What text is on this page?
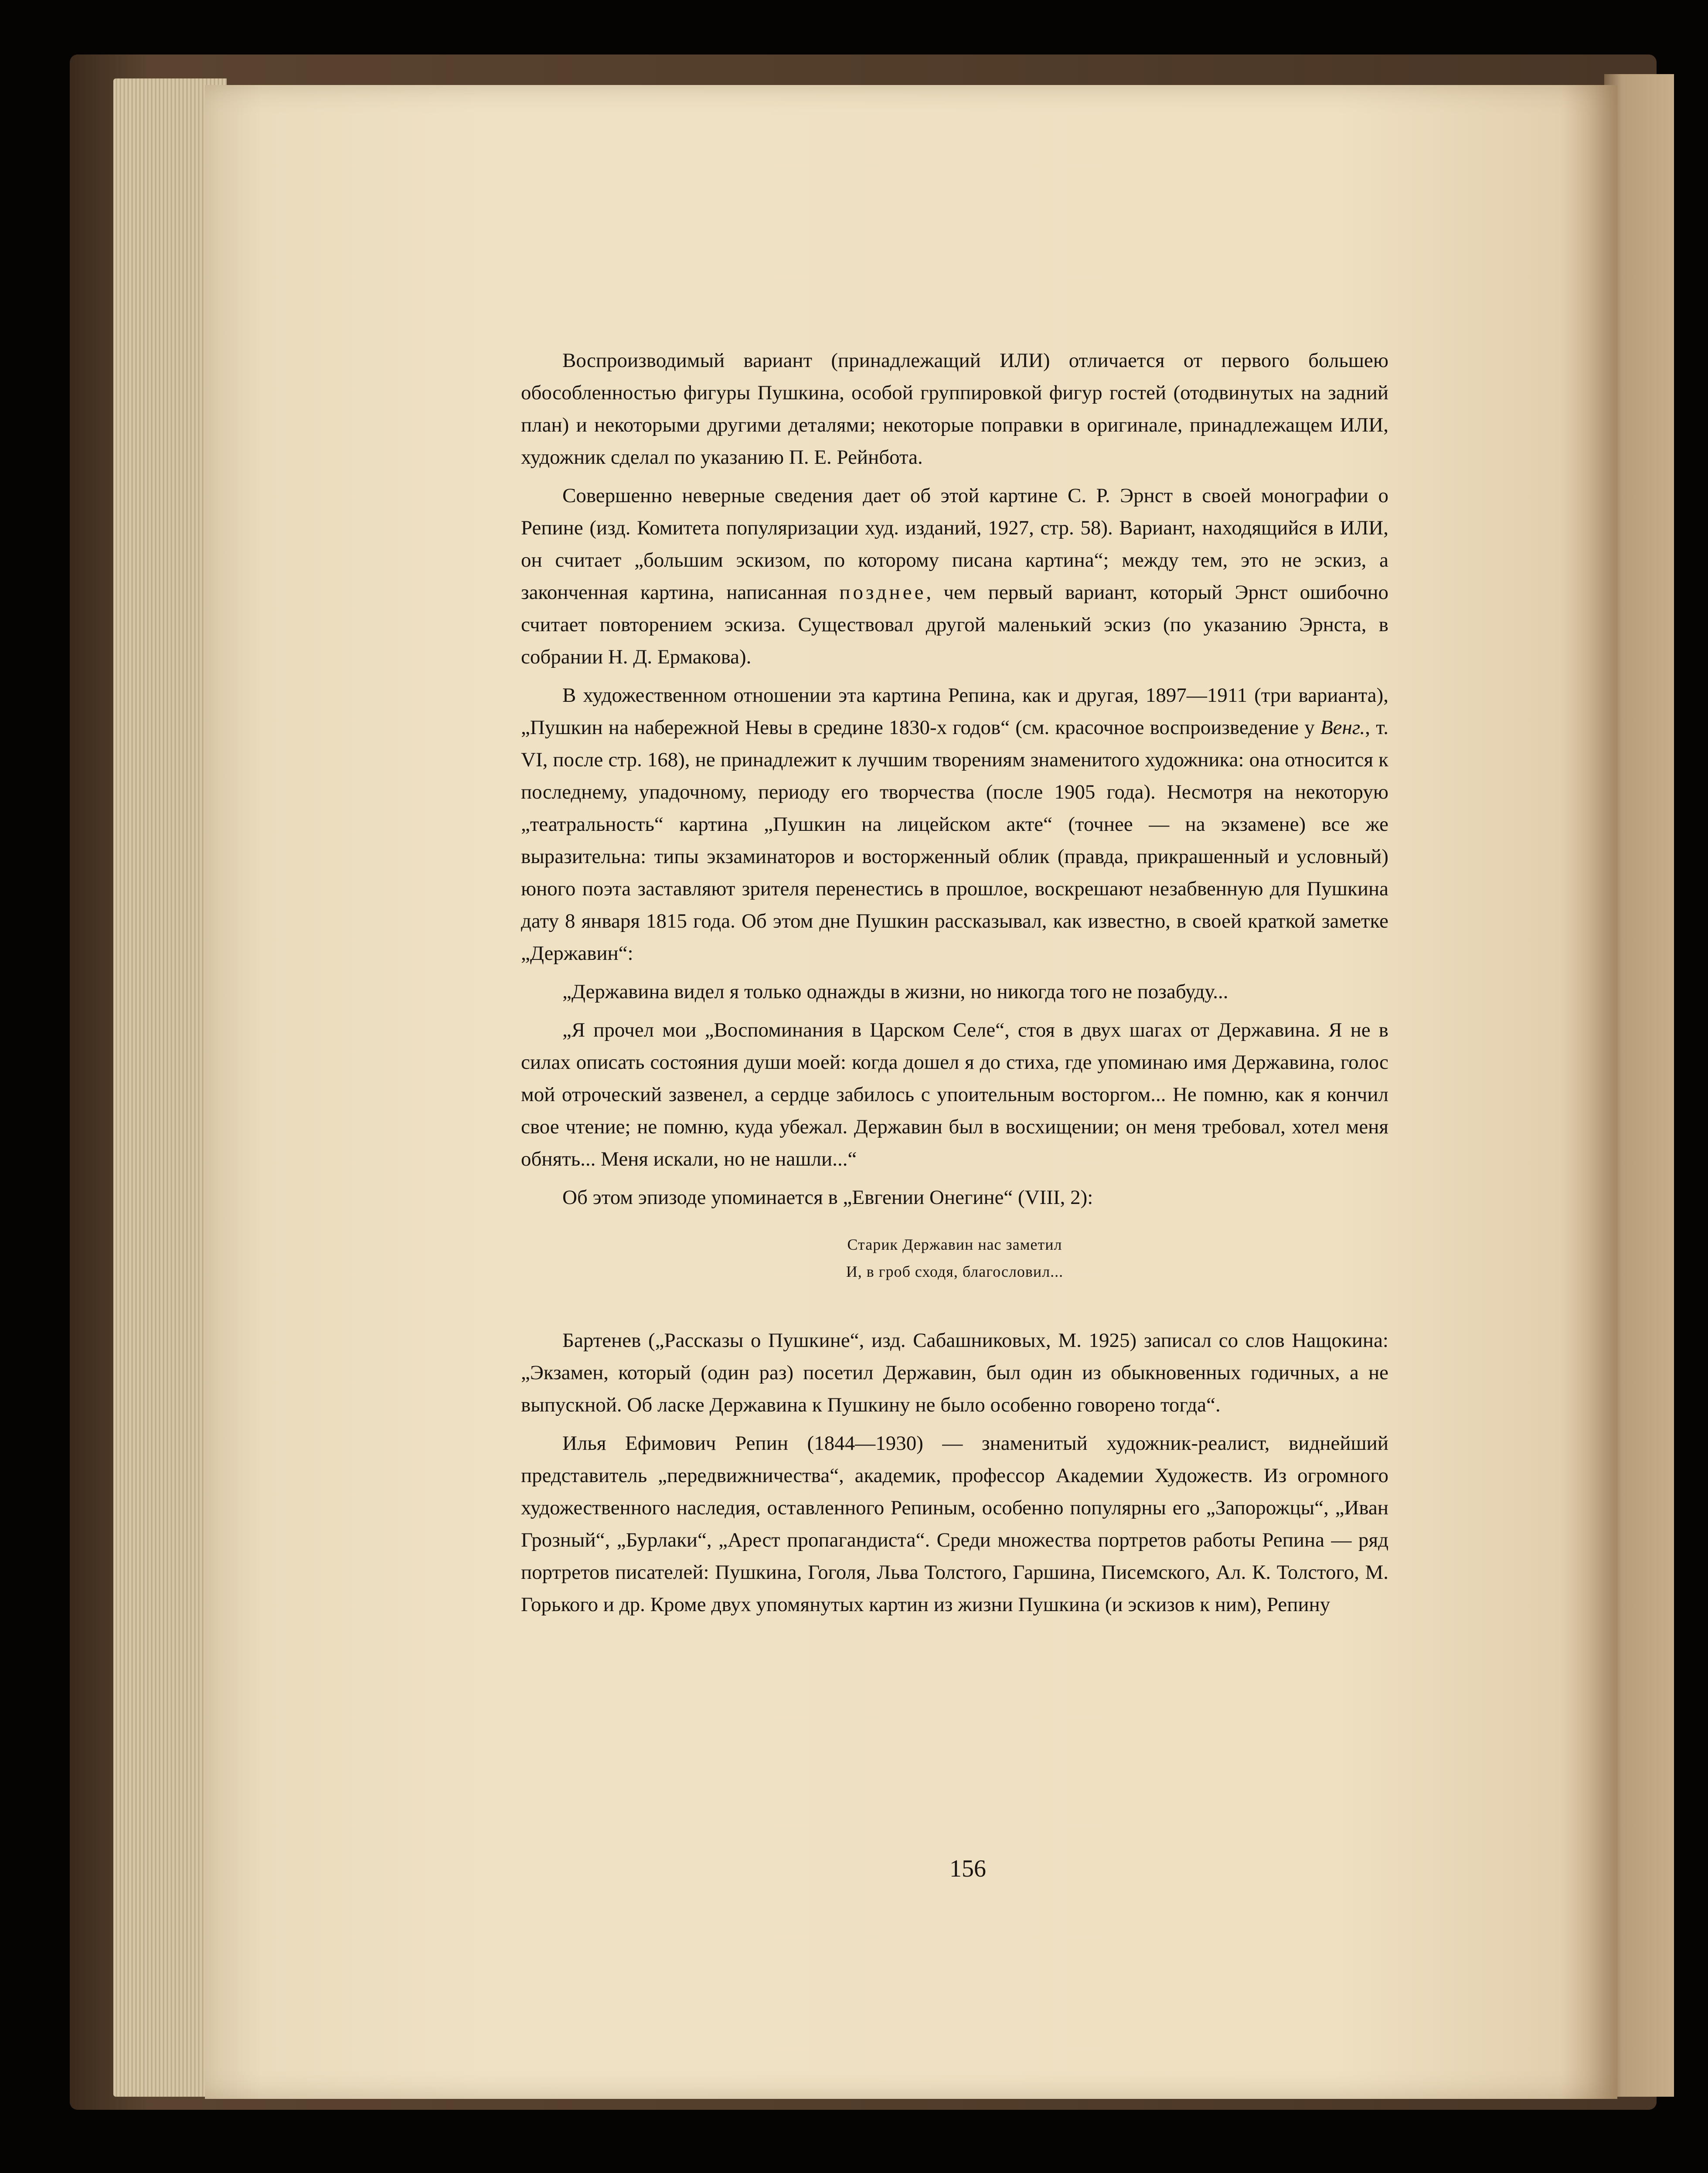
Воспроизводимый вариант (принадлежащий ИЛИ) отличается от первого большею обособленностью фигуры Пушкина, особой группировкой фигур гостей (отодвинутых на задний план) и некоторыми другими деталями; некоторые поправки в оригинале, принадлежащем ИЛИ, художник сделал по указанию П. Е. Рейнбота.

Совершенно неверные сведения дает об этой картине С. Р. Эрнст в своей монографии о Репине (изд. Комитета популяризации худ. изданий, 1927, стр. 58). Вариант, находящийся в ИЛИ, он считает „большим эскизом, по которому писана картина“; между тем, это не эскиз, а законченная картина, написанная позднее, чем первый вариант, который Эрнст ошибочно считает повторением эскиза. Существовал другой маленький эскиз (по указанию Эрнста, в собрании Н. Д. Ермакова).

В художественном отношении эта картина Репина, как и другая, 1897—1911 (три варианта), „Пушкин на набережной Невы в средине 1830-х годов“ (см. красочное воспроизведение у Венг., т. VI, после стр. 168), не принадлежит к лучшим творениям знаменитого художника: она относится к последнему, упадочному, периоду его творчества (после 1905 года). Несмотря на некоторую „театральность“ картина „Пушкин на лицейском акте“ (точнее — на экзамене) все же выразительна: типы экзаминаторов и восторженный облик (правда, прикрашенный и условный) юного поэта заставляют зрителя перенестись в прошлое, воскрешают незабвенную для Пушкина дату 8 января 1815 года. Об этом дне Пушкин рассказывал, как известно, в своей краткой заметке „Державин“:

„Державина видел я только однажды в жизни, но никогда того не позабуду...

„Я прочел мои „Воспоминания в Царском Селе“, стоя в двух шагах от Державина. Я не в силах описать состояния души моей: когда дошел я до стиха, где упоминаю имя Державина, голос мой отроческий зазвенел, а сердце забилось с упоительным восторгом... Не помню, как я кончил свое чтение; не помню, куда убежал. Державин был в восхищении; он меня требовал, хотел меня обнять... Меня искали, но не нашли...“

Об этом эпизоде упоминается в „Евгении Онегине“ (VIII, 2):

Старик Державин нас заметил
И, в гроб сходя, благословил...

Бартенев („Рассказы о Пушкине“, изд. Сабашниковых, М. 1925) записал со слов Нащокина: „Экзамен, который (один раз) посетил Державин, был один из обыкновенных годичных, а не выпускной. Об ласке Державина к Пушкину не было особенно говорено тогда“.

Илья Ефимович Репин (1844—1930) — знаменитый художник-реалист, виднейший представитель „передвижничества“, академик, профессор Академии Художеств. Из огромного художественного наследия, оставленного Репиным, особенно популярны его „Запорожцы“, „Иван Грозный“, „Бурлаки“, „Арест пропагандиста“. Среди множества портретов работы Репина — ряд портретов писателей: Пушкина, Гоголя, Льва Толстого, Гаршина, Писемского, Ал. К. Толстого, М. Горького и др. Кроме двух упомянутых картин из жизни Пушкина (и эскизов к ним), Репину

156
